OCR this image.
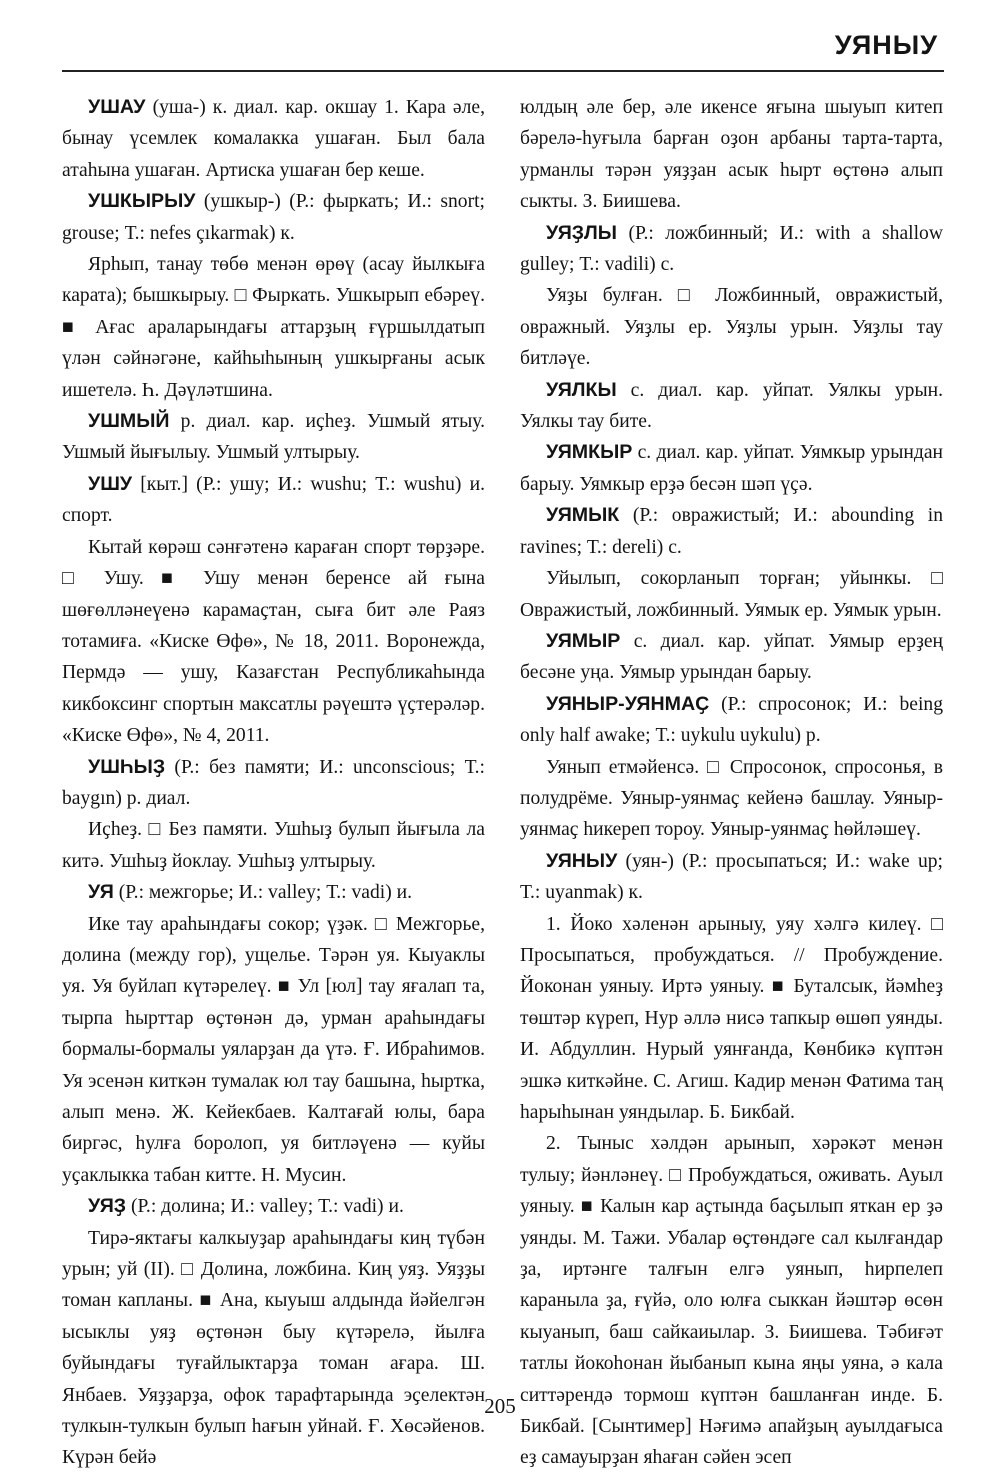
УЯНЫУ

УШАУ (уша-) к. диал. кар. окшау 1. Кара әле, бынау үсемлек комалакка ушаған. Был бала атаһына ушаған. Артиска ушаған бер кеше.

УШКЫРЫУ (ушкыр-) (Р.: фыркать; И.: snort; grouse; Т.: nefes çıkarmak) к.

Ярһып, танау төбө менән өрөү (асау йылкыға карата); бышкырыу. □ Фыркать. Ушкырып ебәреү. ■ Ағас араларындағы аттарҙың ғүршылдатып үлән сәйнәгәне, кайһыһының ушкырғаны асык ишетелә. Һ. Дәүләтшина.

УШМЫЙ р. диал. кар. иҫһеҙ. Ушмый ятыу. Ушмый йығылыу. Ушмый ултырыу.

УШУ [кыт.] (Р.: ушу; И.: wushu; Т.: wushu) и. спорт.

Кытай көрәш сәнғәтенә караған спорт төрҙәре. □ Ушу. ■ Ушу менән беренсе ай ғына шөғөлләнеүенә карамаҫтан, сыға бит әле Раяз тотамиға. «Киске Өфө», № 18, 2011. Воронежда, Пермдә — ушу, Казағстан Республикаһында кикбоксинг спортын максатлы рәүештә үҫтерәләр. «Киске Өфө», № 4, 2011.

УШҺЫҘ (Р.: без памяти; И.: unconscious; Т.: baygın) р. диал.

Иҫһеҙ. □ Без памяти. Ушһыҙ булып йығыла ла китә. Ушһыҙ йоклау. Ушһыҙ ултырыу.

УЯ (Р.: межгорье; И.: valley; Т.: vadi) и.

Ике тау араһындағы сокор; үҙәк. □ Межгорье, долина (между гор), ущелье. Тәрән уя. Кыуаклы уя. Уя буйлап күтәрелеү. ■ Ул [юл] тау яғалап та, тырпа һырттар өҫтөнән дә, урман араһындағы бормалы-бормалы уяларҙан да үтә. Ғ. Ибраһимов. Уя эсенән киткән тумалак юл тау башына, һыртка, алып менә. Ж. Кейекбаев. Калтағай юлы, бара биргәс, һулға боролоп, уя битләүенә — куйы уҫаклыкка табан китте. Н. Мусин.

УЯҘ (Р.: долина; И.: valley; Т.: vadi) и.

Тирә-яктағы калкыуҙар араһындағы киң түбән урын; уй (II). □ Долина, ложбина. Киң уяҙ. Уяҙҙы томан капланы. ■ Ана, кыуыш алдында йәйелгән ысыклы уяҙ өҫтөнән быу күтәрелә, йылға буйындағы туғайлыктарҙа томан ағара. Ш. Янбаев. Уяҙҙарҙа, офок тарафтарында эҫелектән тулкын-тулкын булып һағын уйнай. Ғ. Хөсәйенов. Күрән бейә

юлдың әле бер, әле икенсе яғына шыуып китеп бәрелә-һуғыла барған оҙон арбаны тарта-тарта, урманлы тәрән уяҙҙан асык һырт өҫтөнә алып сыкты. З. Биишева.

УЯҘЛЫ (Р.: ложбинный; И.: with a shallow gulley; Т.: vadili) с.

Уяҙы булған. □ Ложбинный, овражистый, овражный. Уяҙлы ер. Уяҙлы урын. Уяҙлы тау битләүе.

УЯЛКЫ с. диал. кар. уйпат. Уялкы урын. Уялкы тау бите.

УЯМКЫР с. диал. кар. уйпат. Уямкыр урындан барыу. Уямкыр ерҙә бесән шәп үҫә.

УЯМЫК (Р.: овражистый; И.: abounding in ravines; Т.: dereli) с.

Уйылып, сокорланып торған; уйынкы. □ Овражистый, ложбинный. Уямык ер. Уямык урын.

УЯМЫР с. диал. кар. уйпат. Уямыр ерҙең бесәне уңа. Уямыр урындан барыу.

УЯНЫР-УЯНМАҪ (Р.: спросонок; И.: being only half awake; Т.: uykulu uykulu) р.

Уянып етмәйенсә. □ Спросонок, спросонья, в полудрёме. Уяныр-уянмаҫ кейенә башлау. Уяныр-уянмаҫ һикереп тороу. Уяныр-уянмаҫ һөйләшеү.

УЯНЫУ (уян-) (Р.: просыпаться; И.: wake up; Т.: uyanmak) к.

1. Йоко хәленән арыныу, уяу хәлгә килеү. □ Просыпаться, пробуждаться. // Пробуждение. Йоконан уяныу. Иртә уяныу. ■ Буталсык, йәмһеҙ төштәр күреп, Нур әллә нисә тапкыр өшөп уянды. И. Абдуллин. Нурый уянғанда, Көнбикә күптән эшкә киткәйне. С. Агиш. Кадир менән Фатима таң һарыһынан уяндылар. Б. Бикбай.

2. Тыныс хәлдән арынып, хәрәкәт менән тулыу; йәнләнеү. □ Пробуждаться, оживать. Ауыл уяныу. ■ Калын кар аҫтында баҫылып яткан ер ҙә уянды. М. Тажи. Убалар өҫтөндәге сал кылғандар ҙа, иртәнге талғын елгә уянып, һирпелеп караныла ҙа, ғүйә, оло юлға сыккан йәштәр өсөн кыуанып, баш сайкаиылар. З. Биишева. Тәбиғәт татлы йокоһонан йыбанып кына яңы уяна, ә кала ситтәрендә тормош күптән башланған инде. Б. Бикбай. [Сынтимер] Нәғимә апайҙың ауылдағыса еҙ самауырҙан яһаған сәйен эсеп

205
